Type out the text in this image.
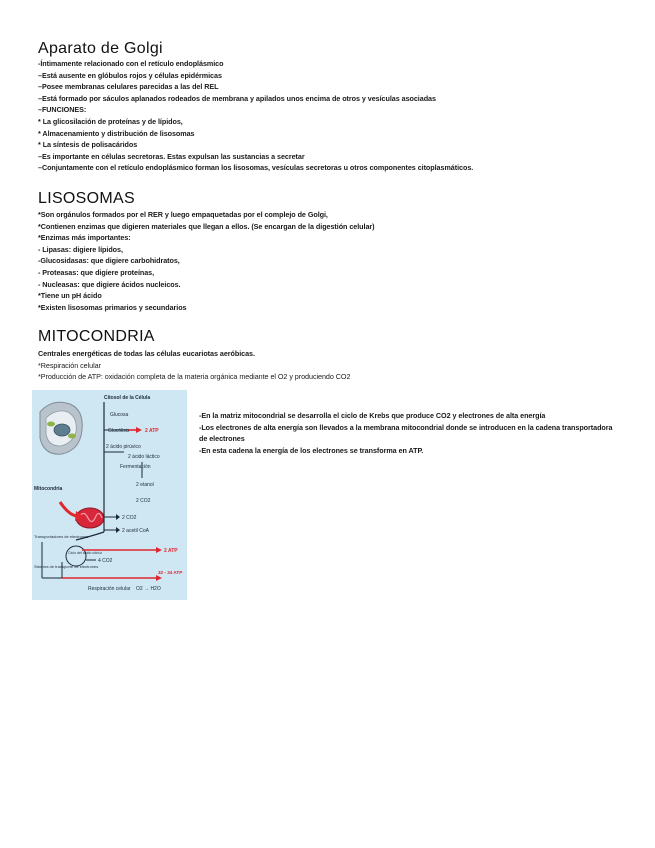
Aparato de Golgi
-Íntimamente relacionado con el retículo endoplásmico
–Está ausente en glóbulos rojos y células epidérmicas
–Posee membranas celulares parecidas a las del REL
–Está formado por sáculos aplanados rodeados de membrana y apilados unos encima de otros y vesículas asociadas
–FUNCIONES:
* La glicosilación de proteínas y de lípidos,
* Almacenamiento y distribución de lisosomas
* La síntesis de polisacáridos
–Es importante en células secretoras. Estas expulsan las sustancias a secretar
–Conjuntamente con el retículo endoplásmico forman los lisosomas, vesículas secretoras u otros componentes citoplasmáticos.
LISOSOMAS
*Son orgánulos formados por el RER y luego empaquetadas por el complejo de Golgi,
*Contienen enzimas que digieren materiales que llegan a ellos. (Se encargan de la digestión celular)
*Enzimas más importantes:
- Lipasas: digiere lípidos,
-Glucosidasas: que digiere carbohidratos,
- Proteasas: que digiere proteínas,
- Nucleasas: que digiere ácidos nucleicos.
*Tiene un pH ácido
*Existen lisosomas primarios y secundarios
MITOCONDRIA
Centrales energéticas de todas las células eucariotas aeróbicas.
*Respiración celular
*Producción de ATP: oxidación completa de la materia orgánica mediante el O2 y produciendo CO2
Citosol de la Célula
Glucosa
Glucólisis	2 ATP
2 ácido pirúvico
2 ácido láctico
Fermentación
2 etanol
2 CO2
Mitocondria
2 CO2
2 acetil CoA
Transportadores de electrones
Ciclo del ácido cítrico	2 ATP
4 CO2
Sistema de transporte de electrones
32 - 34 ATP
Respiración celular O2 → H2O
-En la matriz mitocondrial se desarrolla el ciclo de Krebs que produce CO2 y electrones de alta energía
-Los electrones de alta energía son llevados a la membrana mitocondrial donde se introducen en la cadena transportadora de electrones
-En esta cadena la energía de los electrones se transforma en ATP.
